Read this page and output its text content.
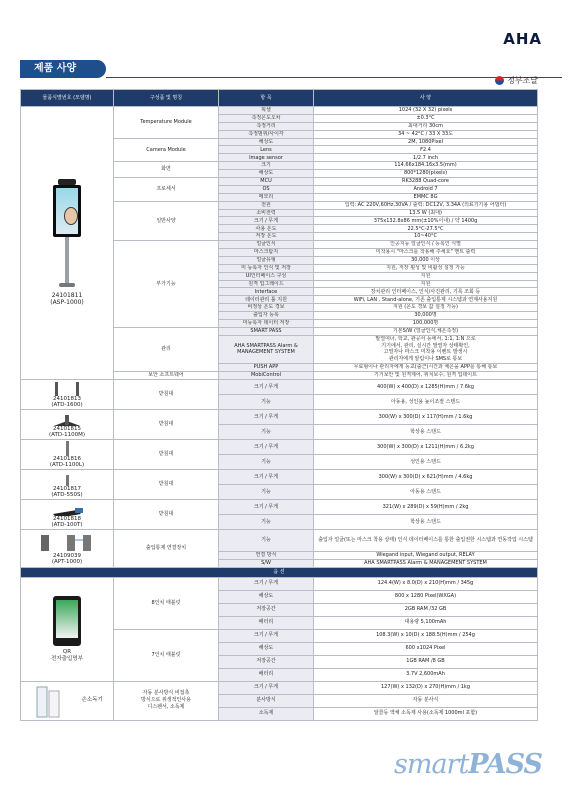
AHA
제품 사양
정부조달
물품식별번호 (모델명)	구성품 및 명칭	항 목	사 양

24101811
(ASP-1000)	Temperature Module	픽셀	1024 (32 X 32) pixels
		측정온도오차	±0.3°C
		측정거리	최대거리 30cm
		측정범위/사이각	34 ~ 42°C / 33 X 33도
	Camera Module	해상도	2M, 1080Pixel
		Lens	F2.4
		Image sensor	1/2.7 inch
	화면	크기	114.66x184.16x3.5(mm)
		해상도	800*1280(pixels)
	프로세서	MCU	RK3288 Quad-core
		OS	Android 7
		메모리	EMMC 8G
	일반사양	전원	입력: AC 220V,60Hz,30VA / 출력: DC12V, 3.34A (의료기기용 어댑터)
		소비전력	13.5 W (최대)
		크기 / 무게	375x132.8x86 mm(±10%이내) / 약 1400g
		사용 온도	22.5°C-27.5°C
		저장 온도	10~40°C
	부가기능	얼굴인식	인공지능 얼굴인식 / 등록인 식별
		마스크탐지	미착용시 "마스크를 착용해 주세요" 멘트 출력
		얼굴유형	30,000 이상
		미 등록자 인식 및 저장	지원, 저장 횟성 및 비활성 설정 가능
		UI인터페이스 구성	지원
		원격 업그레이드	지원
		Interface	장치관리 인터페이스, 인식/사진관리, 기록 조회 등
		데이터관리 툴 지원	WiFi, LAN , Stand-alone, 기존 출입통제 시스템과 연계사용지원
		비정상 온도 경보	지원 (온도 경보 값 설정 가능)
		출입자 등록	30,000명
		미등록자 데이터 저장	100,000명
	관리	SMART PASS	기본S/W (얼굴인식,체온측정)
		AHA SMARTPASS Alarm & MANAGEMENT SYSTEM	발열여너, 학교, 관공서 등에서, 1:1, 1:N 으로
기기에서, 관리, 실시간 발열자 상태확인,
고열자나 마스크 미착용 이벤트 발생시
관리자에게 알림이나 SMS로 통보

		PUSH APP	무료형이나 관리자에게 등교(출근)시간과 체온을 APP를 통해 통보
	보안 소프트웨어	MobiControl	기기보안 및 원격제어, 위치보수, 원격 업데이트

24101813
(ATD-1600)	받침대	크기 / 무게	400(W) x 400(D) x 1285(H)mm / 7.6kg
		기능	아동용, 성인용 높이조절 스탠드

24101815
(ATD-1100M)	받침대	크기 / 무게	300(W) x 300(D) x 117(H)mm / 1.6kg
		기능	학상용 스탠드

24101816
(ATD-1100L)	받침대	크기 / 무게	300(W) x 300(D) x 1211(H)mm / 6.2kg
		기능	성인용 스탠드

24101817
(ATD-550S)	받침대	크기 / 무게	300(W) x 300(D) x 621(H)mm / 4.6kg
		기능	아동용 스탠드

24101818
(ATD-100T)	받침대	크기 / 무게	321(W) x 289(D) x 59(H)mm / 2kg
		기능	학상용 스탠드

24109039
(APT-1000)	출입통제 연결장치	기능	출입자 얼굴(또는 마스크 착용 상태) 인식 데이터베이스를 통한 출입권한 시스템과 연동작업 시스템
		연결 방식	Wiegand input, Wiegand output, RELAY
		S/W	AHA SMARTPASS Alarm & MANAGEMENT SYSTEM
옵 션			

QR
전자출입명부	8인치 태블릿	크기 / 무게	124.4(W) x 8.0(D) x 210(H)mm / 345g
		해상도	800 x 1280 Pixel(WXGA)
		저장공간	2GB RAM /32 GB
		배터리	대용량 5,100mAh
	7인치 태블릿	크기 / 무게	108.3(W) x 10(D) x 188.5(H)mm / 254g
		해상도	600 x1024 Pixel
		저장공간	1GB RAM /8 GB
		배터리	3.7V 2,600mAh

손소독기	자동 분사방식 비접촉
방식으로 위생적인사용
디스펜서, 소독제	크기 / 무게	127(W) x 132(D) x 270(H)mm / 1kg
		분사방식	자동 분사식
		소독제	알콜등 액체 소독제 사용(소독제 1000ml 포함)
smartPASS
